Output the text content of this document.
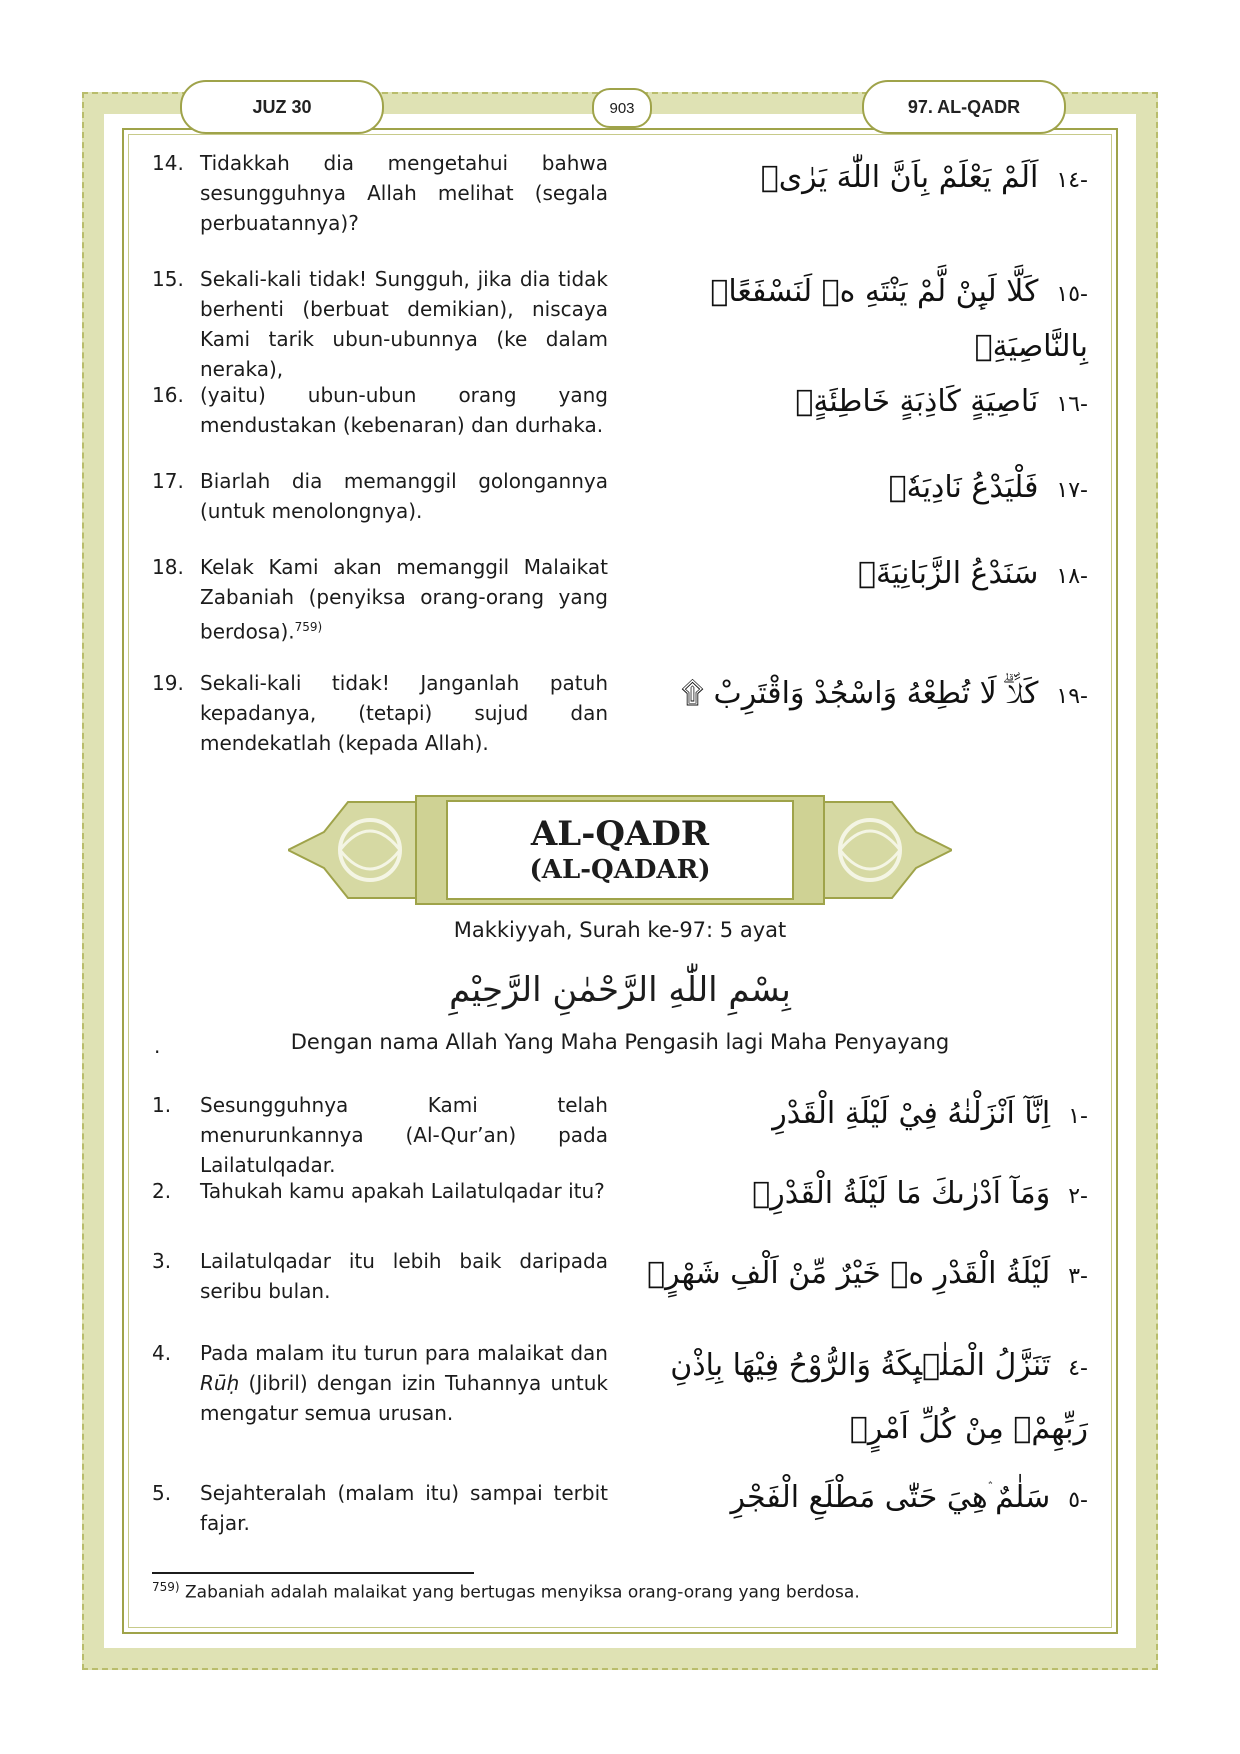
JUZ 30	903	97. AL-QADR
14. Tidakkah dia mengetahui bahwa sesungguhnya Allah melihat (segala perbuatannya)?
-١٤اَلَمْ يَعْلَمْ بِاَنَّ اللّٰهَ يَرٰىۗ
15. Sekali-kali tidak! Sungguh, jika dia tidak berhenti (berbuat demikian), niscaya Kami tarik ubun-ubunnya (ke dalam neraka),
-١٥كَلَّا لَىِٕنْ لَّمْ يَنْتَهِ ەۙ لَنَسْفَعًاۢ بِالنَّاصِيَةِۙ
16. (yaitu) ubun-ubun orang yang mendustakan (kebenaran) dan durhaka.
-١٦نَاصِيَةٍ كَاذِبَةٍ خَاطِئَةٍۚ
17. Biarlah dia memanggil golongannya (untuk menolongnya).
-١٧فَلْيَدْعُ نَادِيَهٗۙ
18. Kelak Kami akan memanggil Malaikat Zabaniah (penyiksa orang-orang yang berdosa).$^{759)}$
-١٨سَنَدْعُ الزَّبَانِيَةَۙ
19. Sekali-kali tidak! Janganlah patuh kepadanya, (tetapi) sujud dan mendekatlah (kepada Allah).
-١٩كَلَّاۗ لَا تُطِعْهُ وَاسْجُدْ وَاقْتَرِبْ ۩
AL-QADR
(AL-QADAR)
Makkiyyah, Surah ke-97: 5 ayat
بِسْمِ اللّٰهِ الرَّحْمٰنِ الرَّحِيْمِ
.	Dengan nama Allah Yang Maha Pengasih lagi Maha Penyayang
1. Sesungguhnya Kami telah menurunkannya (Al-Qur’an) pada Lailatulqadar.
-١اِنَّآ اَنْزَلْنٰهُ فِيْ لَيْلَةِ الْقَدْرِ
2. Tahukah kamu apakah Lailatulqadar itu?	-٢وَمَآ اَدْرٰىكَ مَا لَيْلَةُ الْقَدْرِۗ
3. Lailatulqadar itu lebih baik daripada seribu bulan.
-٣لَيْلَةُ الْقَدْرِ ەۙ خَيْرٌ مِّنْ اَلْفِ شَهْرٍۗ
4. Pada malam itu turun para malaikat dan Rūḥ (Jibril) dengan izin Tuhannya untuk mengatur semua urusan.
-٤تَنَزَّلُ الْمَلٰۤىِٕكَةُ وَالرُّوْحُ فِيْهَا بِاِذْنِ رَبِّهِمْۚ مِنْ كُلِّ اَمْرٍۛ
5. Sejahteralah (malam itu) sampai terbit fajar.
-٥سَلٰمٌ ۛهِيَ حَتّٰى مَطْلَعِ الْفَجْرِ
$^{759)}$ Zabaniah adalah malaikat yang bertugas menyiksa orang-orang yang berdosa.
